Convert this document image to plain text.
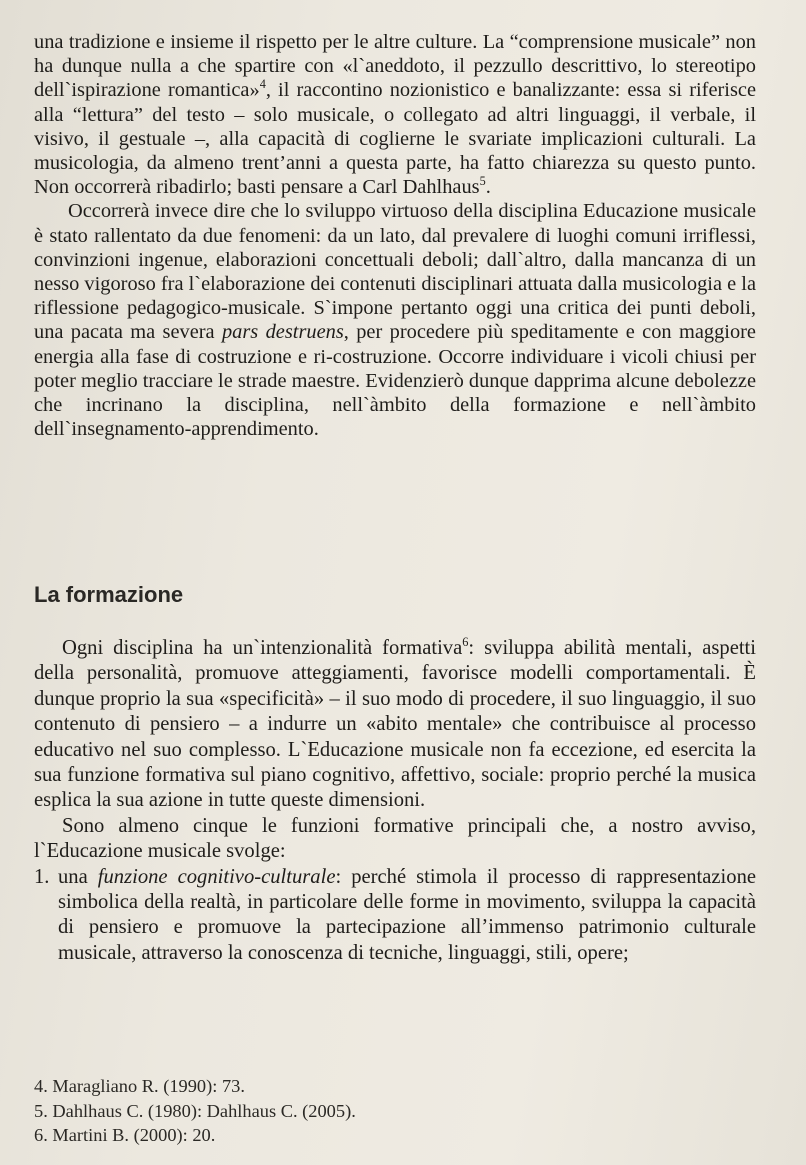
una tradizione e insieme il rispetto per le altre culture. La “comprensione musicale” non ha dunque nulla a che spartire con «l`aneddoto, il pezzullo descrittivo, lo stereotipo dell`ispirazione romantica»$^4$, il raccontino nozionistico e banalizzante: essa si riferisce alla “lettura” del testo – solo musicale, o collegato ad altri linguaggi, il verbale, il visivo, il gestuale –, alla capacità di coglierne le svariate implicazioni culturali. La musicologia, da almeno trent’anni a questa parte, ha fatto chiarezza su questo punto. Non occorrerà ribadirlo; basti pensare a Carl Dahlhaus$^5$.

Occorrerà invece dire che lo sviluppo virtuoso della disciplina Educazione musicale è stato rallentato da due fenomeni: da un lato, dal prevalere di luoghi comuni irriflessi, convinzioni ingenue, elaborazioni concettuali deboli; dall`altro, dalla mancanza di un nesso vigoroso fra l`elaborazione dei contenuti disciplinari attuata dalla musicologia e la riflessione pedagogico-musicale. S`impone pertanto oggi una critica dei punti deboli, una pacata ma severa pars destruens, per procedere più speditamente e con maggiore energia alla fase di costruzione e ri-costruzione. Occorre individuare i vicoli chiusi per poter meglio tracciare le strade maestre. Evidenzierò dunque dapprima alcune debolezze che incrinano la disciplina, nell`àmbito della formazione e nell`àmbito dell`insegnamento-apprendimento.

La formazione

Ogni disciplina ha un`intenzionalità formativa$^6$: sviluppa abilità mentali, aspetti della personalità, promuove atteggiamenti, favorisce modelli comportamentali. È dunque proprio la sua «specificità» – il suo modo di procedere, il suo linguaggio, il suo contenuto di pensiero – a indurre un «abito mentale» che contribuisce al processo educativo nel suo complesso. L`Educazione musicale non fa eccezione, ed esercita la sua funzione formativa sul piano cognitivo, affettivo, sociale: proprio perché la musica esplica la sua azione in tutte queste dimensioni.

Sono almeno cinque le funzioni formative principali che, a nostro avviso, l`Educazione musicale svolge:

1. una funzione cognitivo-culturale: perché stimola il processo di rappresentazione simbolica della realtà, in particolare delle forme in movimento, sviluppa la capacità di pensiero e promuove la partecipazione all’immenso patrimonio culturale musicale, attraverso la conoscenza di tecniche, linguaggi, stili, opere;
4. Maragliano R. (1990): 73.
5. Dahlhaus C. (1980): Dahlhaus C. (2005).
6. Martini B. (2000): 20.
